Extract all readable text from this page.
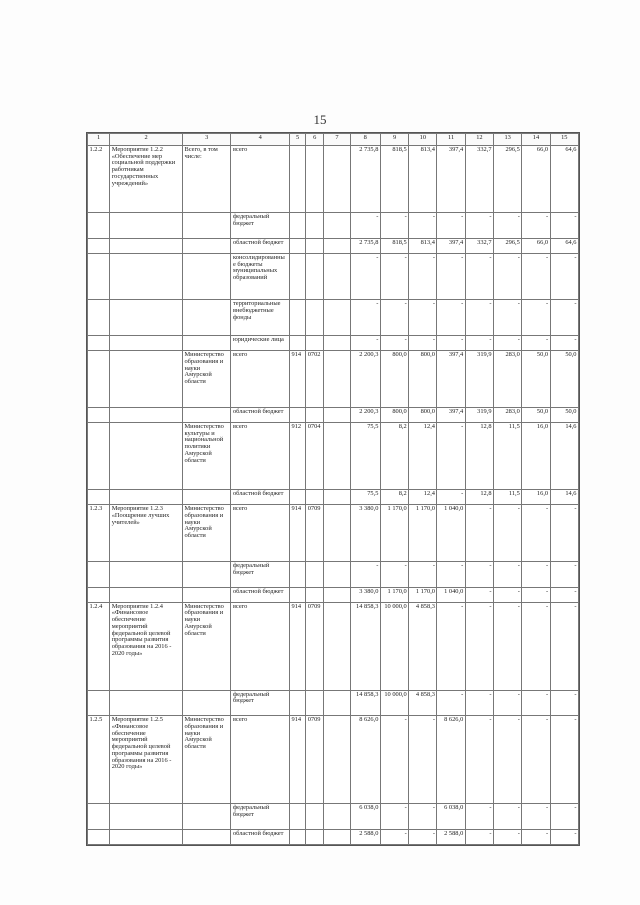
15
1	2	3	4	5	6	7	8	9	10	11	12	13	14	15
1.2.2	Мероприятие 1.2.2 «Обеспечение мер социальной поддержки работникам государственных учреждений»	Всего, в том числе:	всего				2 735,8	818,5	813,4	397,4	332,7	296,5	66,0	64,6
			федеральный бюджет				-	-	-	-	-	-	-	-
			областной бюджет				2 735,8	818,5	813,4	397,4	332,7	296,5	66,0	64,6
			консолидированные бюджеты муниципальных образований				-	-	-	-	-	-	-	-
			территориальные внебюджетные фонды				-	-	-	-	-	-	-	-
			юридические лица				-	-	-	-	-	-	-	-
		Министерство образования и науки Амурской области	всего	914	0702		2 200,3	800,0	800,0	397,4	319,9	283,0	50,0	50,0
			областной бюджет				2 200,3	800,0	800,0	397,4	319,9	283,0	50,0	50,0
		Министерство культуры и национальной политики Амурской области	всего	912	0704		75,5	8,2	12,4	-	12,8	11,5	16,0	14,6
			областной бюджет				75,5	8,2	12,4	-	12,8	11,5	16,0	14,6
1.2.3	Мероприятие 1.2.3 «Поощрение лучших учителей»	Министерство образования и науки Амурской области	всего	914	0709		3 380,0	1 170,0	1 170,0	1 040,0	-	-	-	-
			федеральный бюджет				-	-	-	-	-	-	-	-
			областной бюджет				3 380,0	1 170,0	1 170,0	1 040,0	-	-	-	-
1.2.4	Мероприятие 1.2.4 «Финансовое обеспечение мероприятий федеральной целевой программы развития образования на 2016 - 2020 годы»	Министерство образования и науки Амурской области	всего	914	0709		14 858,3	10 000,0	4 858,3	-	-	-	-	-
			федеральный бюджет				14 858,3	10 000,0	4 858,3	-	-	-	-	-
1.2.5	Мероприятие 1.2.5 «Финансовое обеспечение мероприятий федеральной целевой программы развития образования на 2016 - 2020 годы»	Министерство образования и науки Амурской области	всего	914	0709		8 626,0	-	-	8 626,0	-	-	-	-
			федеральный бюджет				6 038,0	-	-	6 038,0	-	-	-	-
			областной бюджет				2 588,0	-	-	2 588,0	-	-	-	-
